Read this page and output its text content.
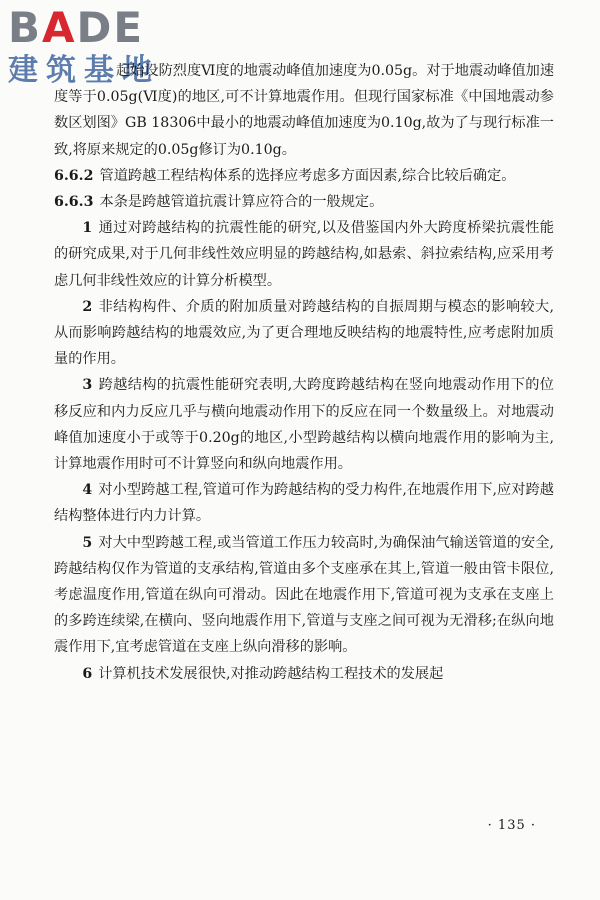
BADE
建筑基地

起始设防烈度Ⅵ度的地震动峰值加速度为0.05g。对于地震动峰值加速度等于0.05g(Ⅵ度)的地区,可不计算地震作用。但现行国家标准《中国地震动参数区划图》GB 18306中最小的地震动峰值加速度为0.10g,故为了与现行标准一致,将原来规定的0.05g修订为0.10g。

6.6.2 管道跨越工程结构体系的选择应考虑多方面因素,综合比较后确定。

6.6.3 本条是跨越管道抗震计算应符合的一般规定。

1 通过对跨越结构的抗震性能的研究,以及借鉴国内外大跨度桥梁抗震性能的研究成果,对于几何非线性效应明显的跨越结构,如悬索、斜拉索结构,应采用考虑几何非线性效应的计算分析模型。

2 非结构构件、介质的附加质量对跨越结构的自振周期与模态的影响较大,从而影响跨越结构的地震效应,为了更合理地反映结构的地震特性,应考虑附加质量的作用。

3 跨越结构的抗震性能研究表明,大跨度跨越结构在竖向地震动作用下的位移反应和内力反应几乎与横向地震动作用下的反应在同一个数量级上。对地震动峰值加速度小于或等于0.20g的地区,小型跨越结构以横向地震作用的影响为主,计算地震作用时可不计算竖向和纵向地震作用。

4 对小型跨越工程,管道可作为跨越结构的受力构件,在地震作用下,应对跨越结构整体进行内力计算。

5 对大中型跨越工程,或当管道工作压力较高时,为确保油气输送管道的安全,跨越结构仅作为管道的支承结构,管道由多个支座承在其上,管道一般由管卡限位,考虑温度作用,管道在纵向可滑动。因此在地震作用下,管道可视为支承在支座上的多跨连续梁,在横向、竖向地震作用下,管道与支座之间可视为无滑移;在纵向地震作用下,宜考虑管道在支座上纵向滑移的影响。

6 计算机技术发展很快,对推动跨越结构工程技术的发展起

· 135 ·
